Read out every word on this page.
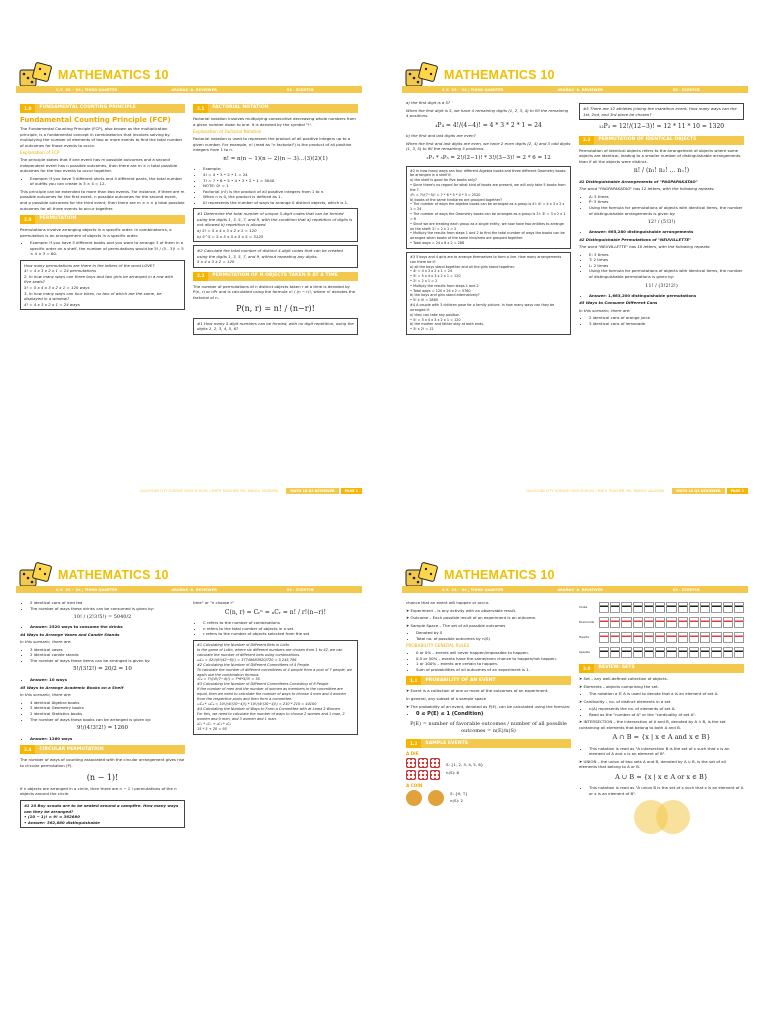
MATHEMATICS 10
S.Y. '23 - '24 | THIRD QUARTER	ARAÑAS 'A. REVIEWER	S3 - ZCE6TCB
1.0	FUNDAMENTAL COUNTING PRINCIPLE
Fundamental Counting Principle (FCP)

The Fundamental Counting Principle (FCP), also known as the multiplication principle, is a fundamental concept in combinatorics that involves solving by multiplying the number of elements of two or more events to find the total number of outcomes for those events to occur.

Explanation of FCP

The principle states that if one event has m possible outcomes and a second independent event has n possible outcomes, then there are m × n total possible outcomes for the two events to occur together.

• Example: If you have 3 different shirts and 4 different pants, the total number of outfits you can create is 3 × 4 = 12.

This principle can be extended to more than two events. For instance, if there are m possible outcomes for the first event, n possible outcomes for the second event, and p possible outcomes for the third event, then there are m × n × p total possible outcomes for all three events to occur together.

2.0	PERMUTATION

Permutations involve arranging objects in a specific order. In combinatorics, a permutation is an arrangement of objects in a specific order.

• Example: If you have 5 different books and you want to arrange 3 of them in a specific order on a shelf, the number of permutations would be 5! / (5 - 3)! = 5 × 4 × 3 = 60.
How many permutations are there in the letters of the word LOVE?
4! = 4 x 3 x 2 x 1 = 24 permutations
2. In how many ways can three boys and two girls be arranged in a row with five seats?
5! = 5 x 4 x 3 x 2 x 1 = 120 ways
3. In how many ways can four bikes, no two of which are the same, be displayed in a window?
4! = 4 x 3 x 2 x 1 = 24 ways
2.1	FACTORIAL NOTATION

Factorial notation involves multiplying consecutive decreasing whole numbers from a given number down to one. It is denoted by the symbol "!".

Explanation of Factorial Notation

Factorial notation is used to represent the product of all positive integers up to a given number. For example, n! (read as "n factorial") is the product of all positive integers from 1 to n.

n! = n(n − 1)(n − 2)(n − 3)…(3)(2)(1)
• Example:
• 4! = 4 • 3 • 2 • 1 = 24
• 7! = 7 • 6 • 5 • 4 • 3 • 2 • 1 = 5040
• NOTE: 0! = 1
• Factorial (n!) is the product of all positive integers from 1 to n.
• When n is 0, the product is defined as 1.
• 0! represents the number of ways to arrange 0 distinct objects, which is 1.
#1 Determine the total number of unique 5-digit codes that can be formed using the digits 1, 3, 5, 7, and 9, with the condition that a) repetition of digits is not allowed b) repetition is allowed
a) 5! = 5 x 4 x 3 x 2 x 1 = 120
b) 5^5 = 5 x 5 x 5 x 5 x 5 = 3125
#2 Calculate the total number of distinct 4-digit codes that can be created using the digits 1, 3, 5, 7, and 9, without repeating any digits.
5 x 4 x 3 x 2 = 120
2.2	PERMUTATION OF N OBJECTS TAKEN R AT A TIME

The number of permutations of n distinct objects taken r at a time is denoted by P(n, r) or nPr and is calculated using the formula n! / (n − r)!, where n! denotes the factorial of n.

P(n, r) = n! / (n−r)!
#1 How many 5-digit numbers can be formed, with no digit repetition, using the digits 1, 2, 3, 4, 5, 6?
CALOOCAN CITY SCIENCE HIGH SCHOOL | MATH TEACHER: MS. BIANCA VALDOMA	MATH 10 Q3 REVIEWER	PAGE 1
MATHEMATICS 10
S.Y. '23 - '24 | THIRD QUARTER	ARAÑAS 'A. REVIEWER	S3 - ZCE6TCB

a) the first digit is a 5?

When the first digit is 5, we have 4 remaining digits (1, 2, 3, 4) to fill the remaining 4 positions.

₄P₄ = 4!/(4−4)! = 4 * 3 * 2 * 1 = 24

b) the first and last digits are even?

When the first and last digits are even, we have 2 even digits (2, 4) and 3 odd digits (1, 3, 5) to fill the remaining 3 positions.

₂P₁ * ₃P₃ = 2!/(2−1)! * 3!/(3−3)! = 2 * 6 = 12
#2 In how many ways can four different Algebra books and three different Geometry books be arranged in a shelf if:
a) the shelf is good for five books only?
• Since there's no regard for what kind of books are present, we will only take 5 books from the 7.
₇P₅ = 7!/(7−5)! = 7 * 6 * 5 * 4 * 3 = 2520
b) books of the same kind/area are grouped together?
• The number of ways the algebra books can be arranged as a group is 4!: 4! = 4 x 3 x 2 x 1 = 24
• The number of ways the Geometry books can be arranged as a group is 3!: 3! = 3 x 2 x 1 = 6
• Since we are treating each group as a single entity, we now have two entities to arrange on the shelf: 2! = 2 x 1 = 2
• Multiply the results from steps 1 and 2 to find the total number of ways the books can be arranged when books of the same kind/area are grouped together.
• Total ways = 24 x 6 x 2 = 288
#3 5 boys and 4 girls are to arrange themselves to form a line. How many arrangements can there be if:
a) all the boys stand together and all the girls stand together.
• 4! = 4 x 3 x 2 x 1 = 24
• 5! = 5 x 4 x 3 x 2 x 1 = 120
• 2! = 2 x 1 = 2
• Multiply the results from steps 1 and 2
• Total ways = 120 x 24 x 2 = 5760
b) the boys and girls stand alternatively?
• 5! x 4! = 2880
#4 A couple with 3 children pose for a family picture. In how many ways can they be arranged if:
a) they can take any position
• 5! = 5 x 4 x 3 x 2 x 1 = 120
b) the mother and father stay at both ends.
• 3! x 2! = 12
#5 There are 12 athletes joining the marathon event. How many ways can the 1st, 2nd, and 3rd place be chosen?
₁₂P₃ = 12!/(12−3)! = 12 * 11 * 10 = 1320
2.3	PERMUTATION OF IDENTICAL OBJECTS

Permutation of identical objects refers to the arrangement of objects where some objects are identical, leading to a smaller number of distinguishable arrangements than if all the objects were distinct.

n! / (n₁! n₂! … n₌!)

#1 Distinguishable Arrangements of "PAGPAPAKATAO"

The word "PAGPAPAKATAO" has 12 letters, with the following repeats:

• A: 5 times
• P: 3 times
• Using the formula for permutations of objects with identical items, the number of distinguishable arrangements is given by:
12! / (5!3!)
• Answer: 665,280 distinguishable arrangements

#2 Distinguishable Permutations of "NEUVILLETTE"

The word "NEUVILLETTE" has 10 letters, with the following repeats:

• E: 3 times
• T: 2 times
• L: 2 times
• Using the formula for permutations of objects with identical items, the number of distinguishable permutations is given by:
11! / (3!2!2!)
• Answer: 1,663,200 distinguishable permutations

#3 Ways to Consume Different Cans

In this scenario, there are:

• 2 identical cans of orange juice
• 3 identical cans of lemonade
CALOOCAN CITY SCIENCE HIGH SCHOOL | MATH TEACHER: MS. BIANCA VALDOMA	MATH 10 Q3 REVIEWER	PAGE 2
MATHEMATICS 10
S.Y. '23 - '24 | THIRD QUARTER	ARAÑAS 'A. REVIEWER	S3 - ZCE6TCB
• 5 identical cans of iced tea
• The number of ways these drinks can be consumed is given by:
10! / (2!3!5!) = 5040/2
• Answer: 2520 ways to consume the drinks

#4 Ways to Arrange Vases and Candle Stands

In this scenario, there are:

• 3 identical vases
• 2 identical candle stands
• The number of ways these items can be arranged is given by:
5!/(3!2!) = 20/2 = 10
• Answer: 10 ways

#5 Ways to Arrange Academic Books on a Shelf

In this scenario, there are:

• 4 identical Algebra books
• 3 identical Geometry books
• 2 identical Statistics books
• The number of ways these books can be arranged is given by:
9!/(4!3!2!) = 1260
• Answer: 1260 ways
2.4	CIRCULAR PERMUTATION

The number of ways of counting associated with the circular arrangement gives rise to circular permutation (P).

(n − 1)!

If n objects are arranged in a circle, then there are n − 1 ! permutations of the n objects around the circle.

#1 10 Boy scouts are to be seated around a campfire. How many ways can they be arranged?
• (10 − 1)! = 9! = 362880
• Answer: 362,880 distinguishable

time" or "n choose r"

C(n, r) = Cᵣⁿ = ₙCᵣ = n! / r!(n−r)!
• C refers to the number of combinations
• n refers to the total number of objects in a set
• r refers to the number of objects selected from the set
#1 Calculating the Number of Different Bets in Lotto
In the game of Lotto, where six different numbers are chosen from 1 to 42, we can calculate the number of different bets using combinations.
₄₂C₆ = 42!/(6!(42−6)!) = 37748683920/720 = 5,245,786
#2 Calculating the Number of Different Committees of 4 People
To calculate the number of different committees of 4 people from a pool of 7 people, we again use the combination formula.
₇C₄ = 7!/(4!(7−4)!) = 7*6*5/3! = 35
#3 Calculating the Number of Different Committees Consisting of 8 People
If the number of men and the number of women as members in the committee are equal, then we need to calculate the number of ways to choose 4 men and 4 women from the respective pools and then form a committee.
₁₀C₄ * ₁₀C₄ = 10!/(4!(10−4)!) * 10!/(4!(10−4)!) = 210 * 210 = 44100
#4 Calculating the Number of Ways to Form a Committee with at Least 2 Women
For this, we need to calculate the number of ways to choose 2 women and 1 man, 2 women and 0 men, and 3 women and 1 man.
₆C₂ * ₅C₁ + ₆C₃ * ₅C₀
15 * 5 + 20 = 95
MATHEMATICS 10
S.Y. '23 - '24 | THIRD QUARTER	ARAÑAS 'A. REVIEWER	S3 - ZCE6TCB

chance that an event will happen or occur.

➤ Experiment – is any activity with an observable result.

➤ Outcome – Each possible result of an experiment is an outcome.

➤ Sample Space – The set of all possible outcomes

• Denoted by S
• Total no. of possible outcomes by n(S)
PROBABILITY GENERAL RULES
• 0 or 0% – events will never happen/impossible to happen.
• 0.5 or 50% – events have the same/even chance to happen/not happen.
• 1 or 100% – events are certain to happen.
• Sum of probabilities of all outcomes of an experiment is 1.
1.1	PROBABILITY OF AN EVENT

➤ Event is a collection of one or more of the outcomes of an experiment.

In general, any subset of a sample space

➤ The probability of an event, denoted as P(E), can be calculated using the formula:

• 0 ≤ P(E) ≤ 1 (Condition)
P(E) = number of favorable outcomes / number of all possible outcomes = n(E)/n(S)
1.2	SAMPLE EVENTS
A DIE

S: {1, 2, 3, 4, 5, 6}

n(S): 6

A COIN

S: {H, T}

n(S): 2

Clubs
Diamonds
Hearts
Spades
3.0	REVIEW: SETS

➤ Set – any well-defined collection of objects.

➤ Elements – objects comprising the set.

• The notation a ∈ A is used to denote that a is an element of set A.

➤ Cardinality – no. of distinct elements in a set

• n(A) represents the no. of elements of set A.
• Read as the "number of A" or the "cardinality of set A".

➤ INTERSECTION – the intersection of A and B, denoted by A ∩ B, is the set containing all elements that belong to both A and B.

A ∩ B = {x | x ∈ A and x ∈ B}
• This notation is read as "A intersection B is the set of x such that x is an element of A and x is an element of B".

➤ UNION – the union of two sets A and B, denoted by A ∪ B, is the set of all elements that belong to A or B.

A ∪ B = {x | x ∈ A or x ∈ B}
• This notation is read as "A union B is the set of x such that x is an element of A or x is an element of B".
